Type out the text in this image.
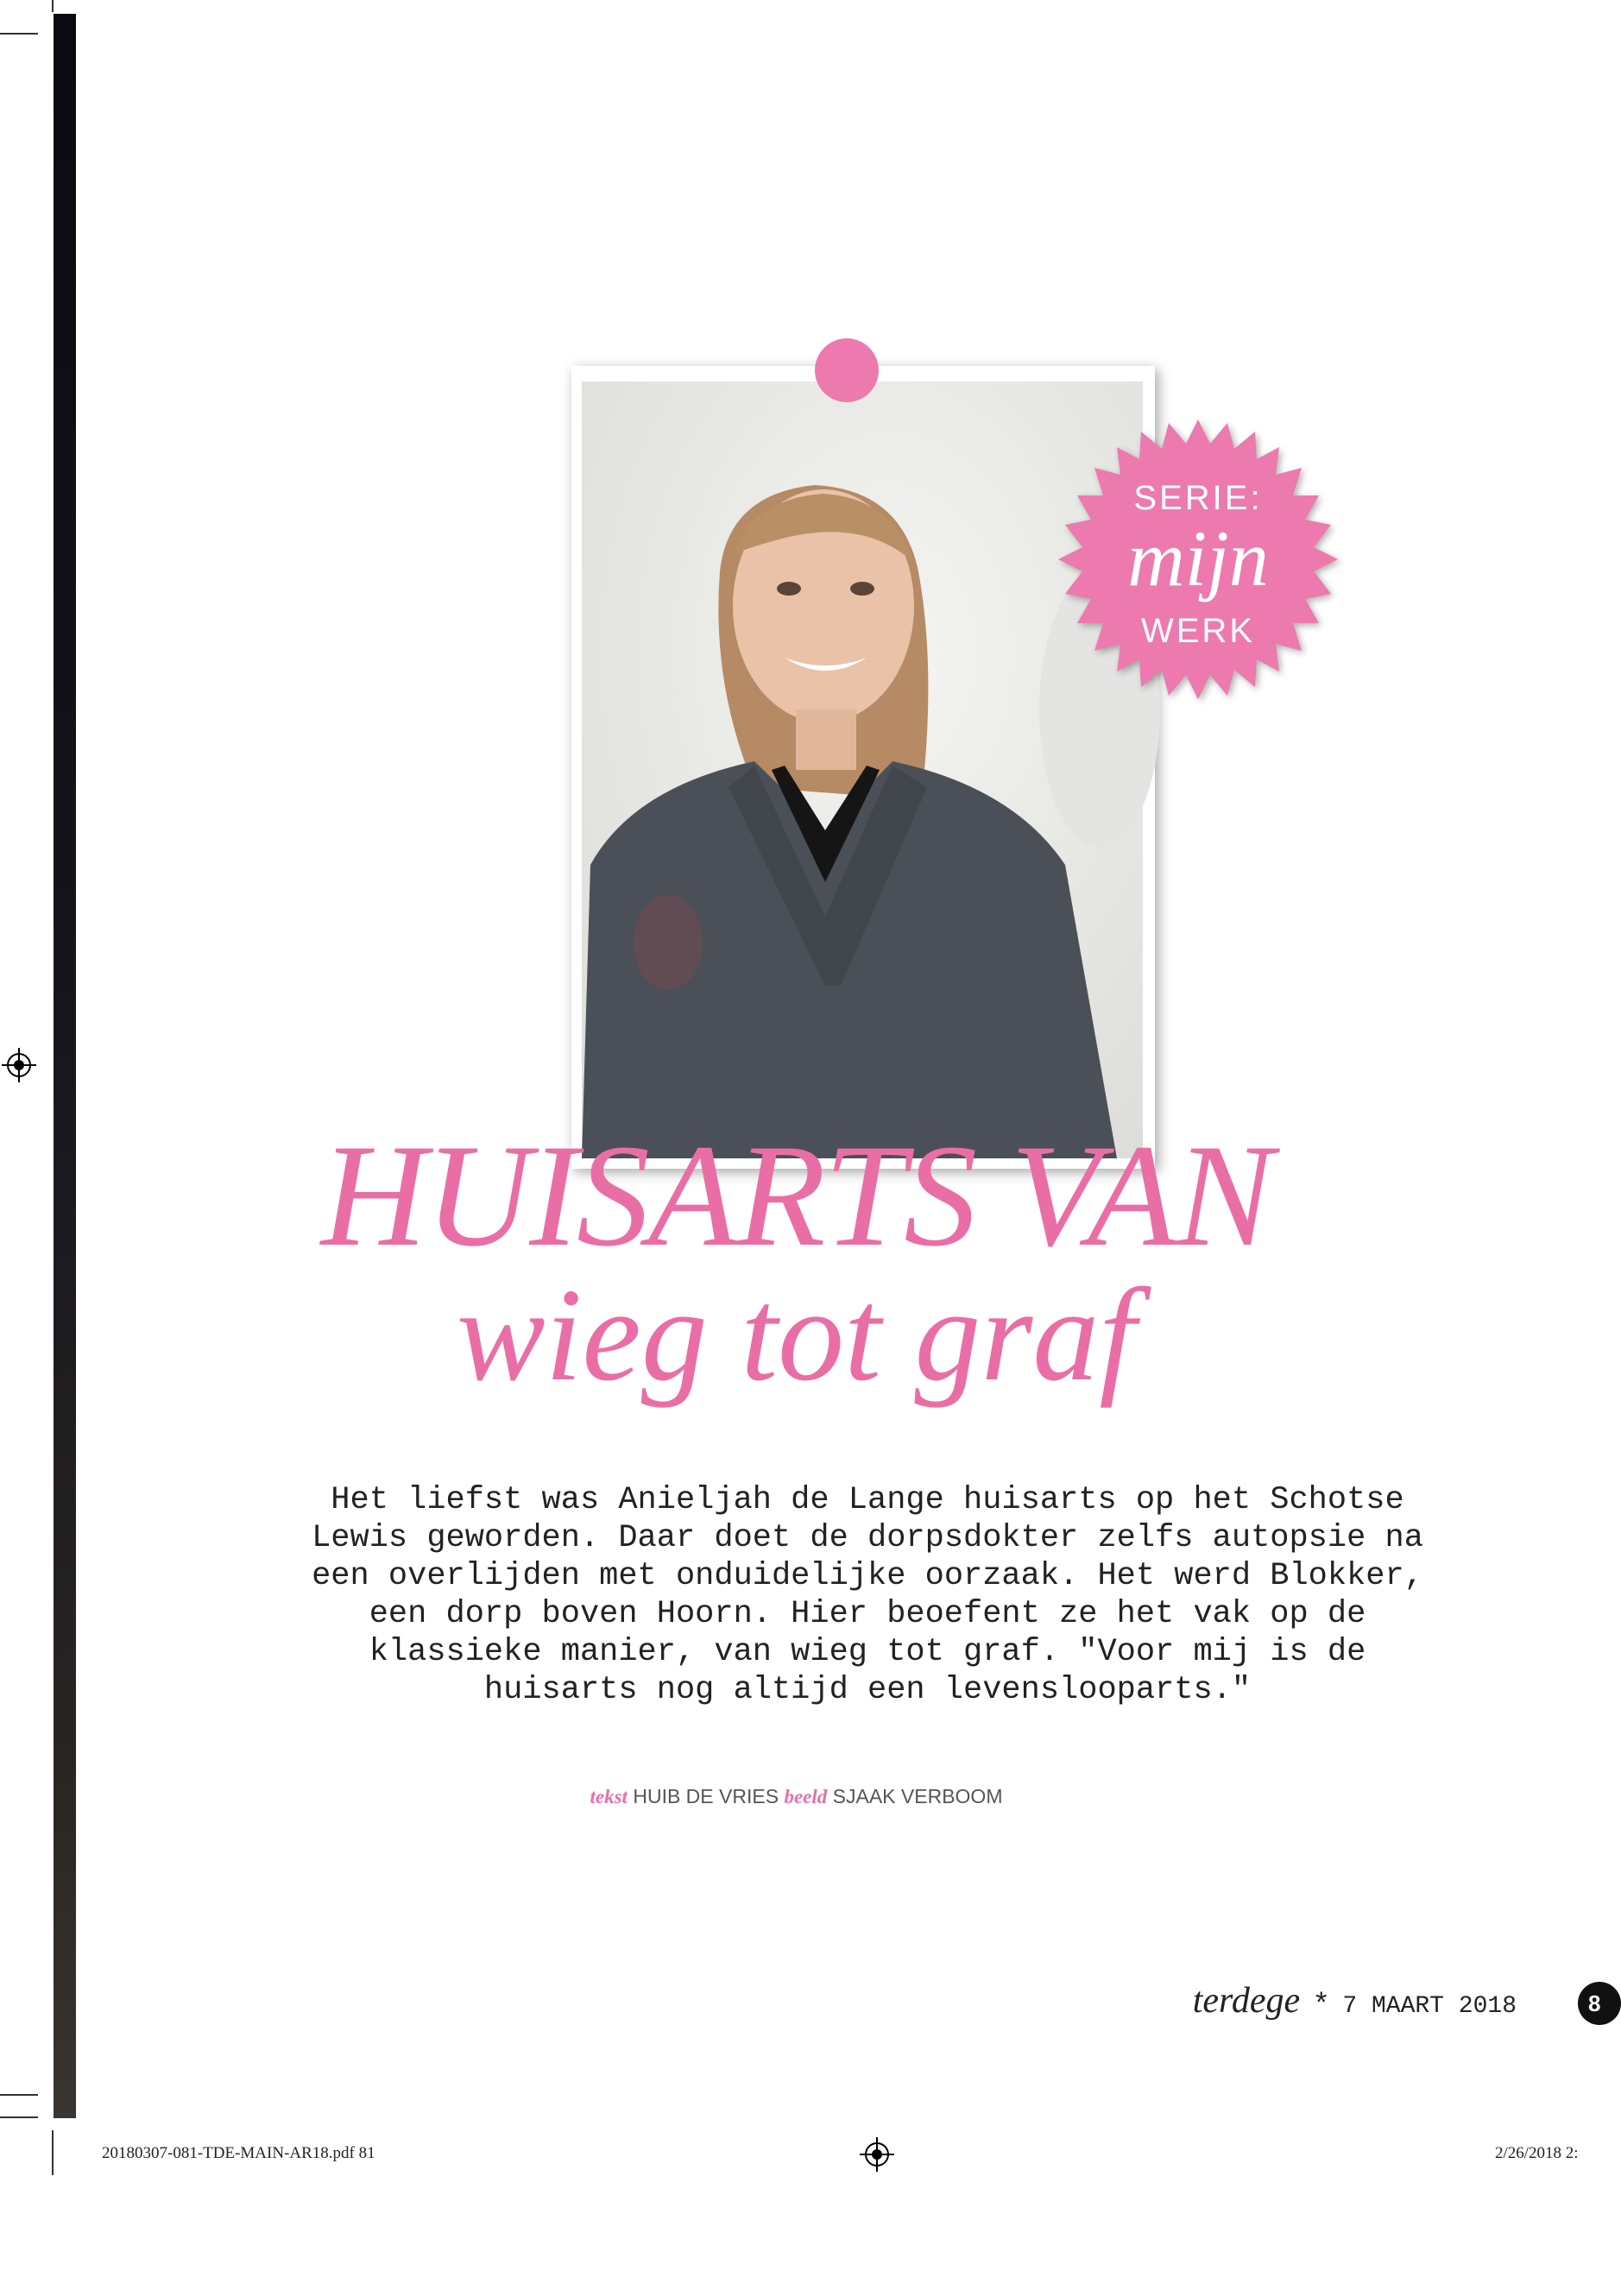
SERIE:
mijn
WERK
HUISARTS VAN
wieg tot graf
Het liefst was Anieljah de Lange huisarts op het Schotse Lewis geworden. Daar doet de dorpsdokter zelfs autopsie na een overlijden met onduidelijke oorzaak. Het werd Blokker, een dorp boven Hoorn. Hier beoefent ze het vak op de klassieke manier, van wieg tot graf. "Voor mij is de huisarts nog altijd een levenslooparts."
tekst HUIB DE VRIES beeld SJAAK VERBOOM
terdege * 7 MAART 2018	8
20180307-081-TDE-MAIN-AR18.pdf 81	2/26/2018 2:
